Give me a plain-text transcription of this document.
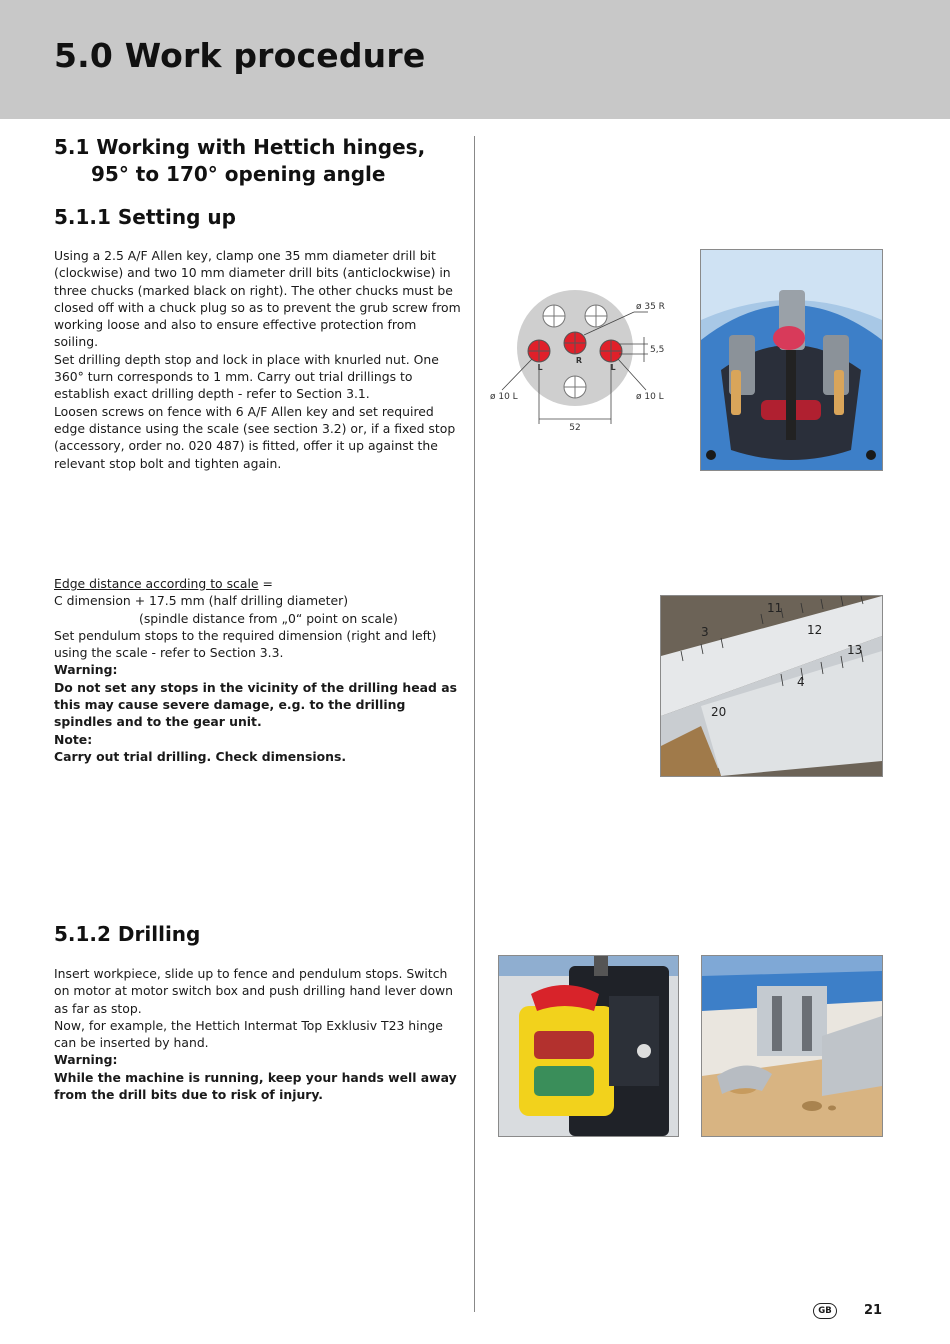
5.0 Work procedure
5.1 Working with Hettich hinges,
95° to 170° opening angle
5.1.1 Setting up

Using a 2.5 A/F Allen key, clamp one 35 mm diameter drill bit (clockwise) and two 10 mm diameter drill bits (anticlockwise) in three chucks (marked black on right). The other chucks must be closed off with a chuck plug so as to prevent the grub screw from working loose and also to ensure effective protection from soiling.

Set drilling depth stop and lock in place with knurled nut. One 360° turn corresponds to 1 mm. Carry out trial drillings to establish exact drilling depth - refer to Section 3.1.

Loosen screws on fence with 6 A/F Allen key and set required edge distance using the scale (see section 3.2) or, if a fixed stop (accessory, order no. 020 487) is fitted, offer it up against the relevant stop bolt and tighten again.

L
R
L
ø 35 R
5,5
ø 10 L	ø 10 L
52

Edge distance according to scale =

C dimension + 17.5 mm (half drilling diameter)

(spindle distance from „0“ point on scale)

Set pendulum stops to the required dimension (right and left) using the scale - refer to Section 3.3.

Warning:

Do not set any stops in the vicinity of the drilling head as this may cause severe damage, e.g. to the drilling spindles and to the gear unit.

Note:

Carry out trial drilling. Check dimensions.

11
12
13
3
4
20
5.1.2 Drilling

Insert workpiece, slide up to fence and pendulum stops. Switch on motor at motor switch box and push drilling hand lever down as far as stop.

Now, for example, the Hettich Intermat Top Exklusiv T23 hinge can be inserted by hand.

Warning:

While the machine is running, keep your hands well away from the drill bits due to risk of injury.

GB	21
